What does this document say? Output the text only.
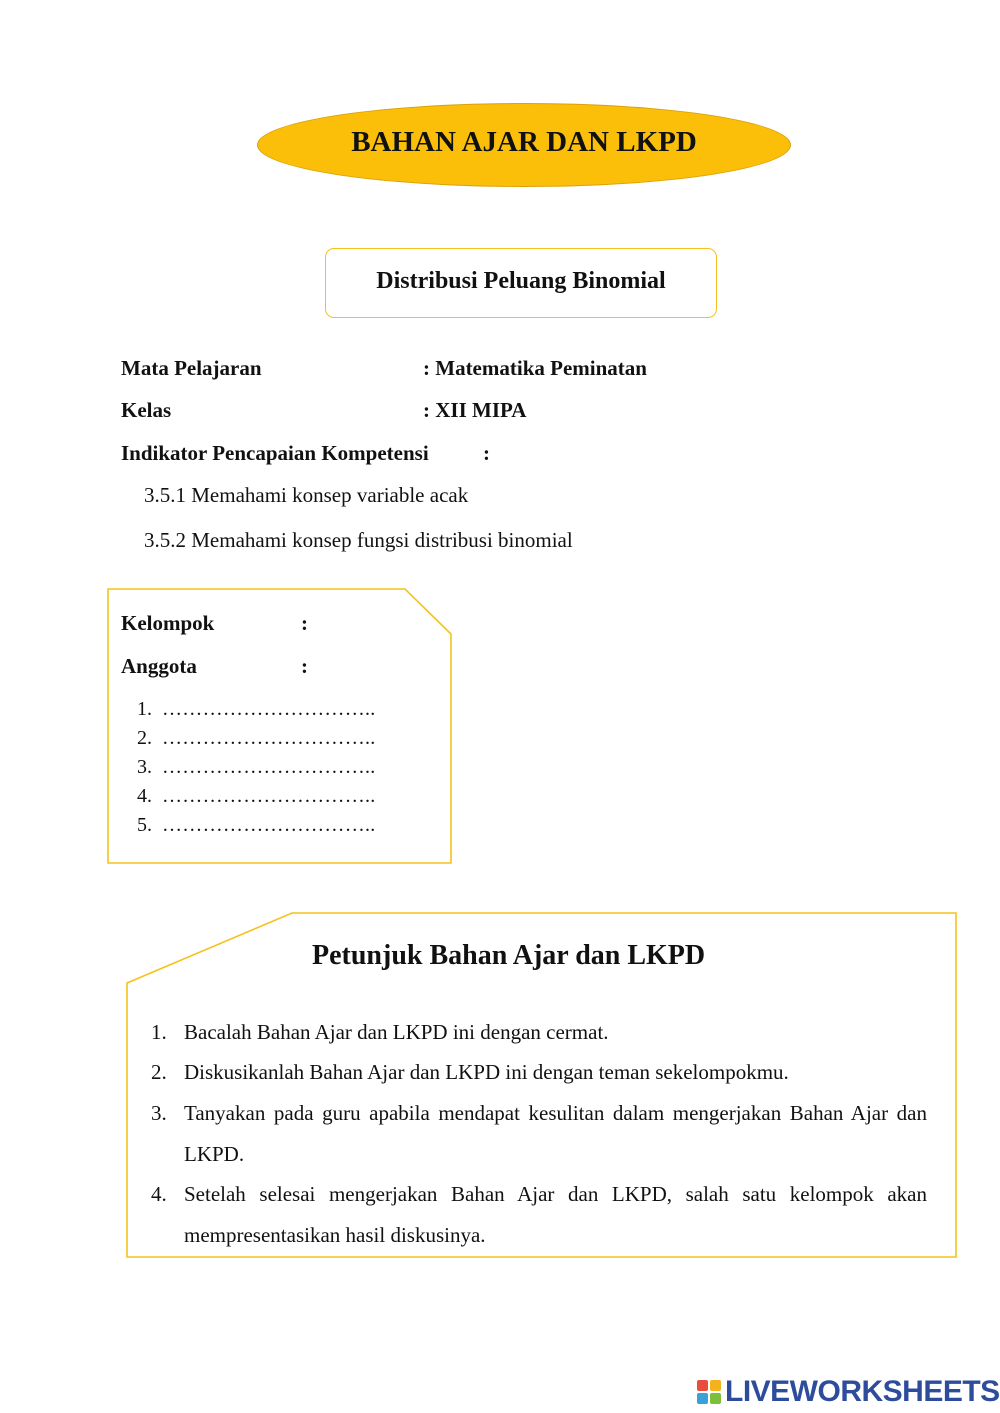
BAHAN AJAR DAN LKPD
Distribusi Peluang Binomial
Mata Pelajaran	: Matematika Peminatan
Kelas	: XII MIPA
Indikator Pencapaian Kompetensi	:
3.5.1 Memahami konsep variable acak
3.5.2 Memahami konsep fungsi distribusi binomial
Kelompok	:
Anggota	:
1. …………………………..
2. …………………………..
3. …………………………..
4. …………………………..
5. …………………………..
Petunjuk Bahan Ajar dan LKPD
1. Bacalah Bahan Ajar dan LKPD ini dengan cermat.
2. Diskusikanlah Bahan Ajar dan LKPD ini dengan teman sekelompokmu.
3. Tanyakan pada guru apabila mendapat kesulitan dalam mengerjakan Bahan Ajar dan LKPD.
4. Setelah selesai mengerjakan Bahan Ajar dan LKPD, salah satu kelompok akan mempresentasikan hasil diskusinya.
LIVEWORKSHEETS
